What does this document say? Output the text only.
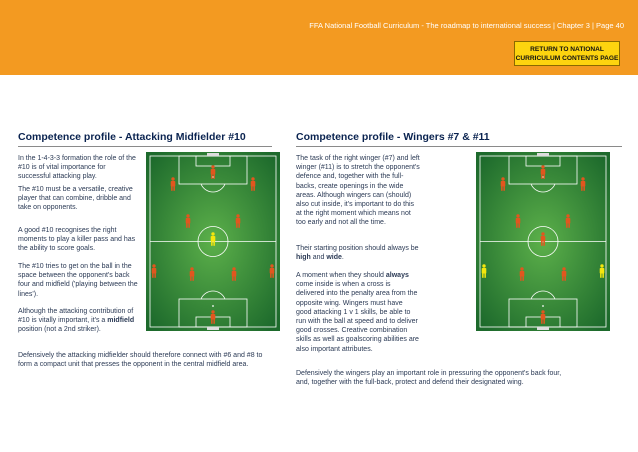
FFA National Football Curriculum - The roadmap to international success | Chapter 3 | Page 40
RETURN TO NATIONAL
CURRICULUM CONTENTS PAGE
Competence profile - Attacking Midfielder #10

In the 1-4-3-3 formation the role of the #10 is of vital importance for successful attacking play.

The #10 must be a versatile, creative player that can combine, dribble and take on opponents.

A good #10 recognises the right moments to play a killer pass and has the ability to score goals.

The #10 tries to get on the ball in the space between the opponent's back four and midfield ('playing between the lines').

Although the attacking contribution of #10 is vitally important, it's a midfield position (not a 2nd striker).

Defensively the attacking midfielder should therefore connect with #6 and #8 to form a compact unit that presses the opponent in the central midfield area.

Competence profile - Wingers #7 & #11

The task of the right winger (#7) and left winger (#11) is to stretch the opponent's defence and, together with the full-backs, create openings in the wide areas. Although wingers can (should) also cut inside, it's important to do this at the right moment which means not too early and not all the time.

Their starting position should always be high and wide.

A moment when they should always come inside is when a cross is delivered into the penalty area from the opposite wing. Wingers must have good attacking 1 v 1 skills, be able to run with the ball at speed and to deliver good crosses. Creative combination skills as well as goalscoring abilities are also important attributes.

Defensively the wingers play an important role in pressuring the opponent's back four, and, together with the full-back, protect and defend their designated wing.
